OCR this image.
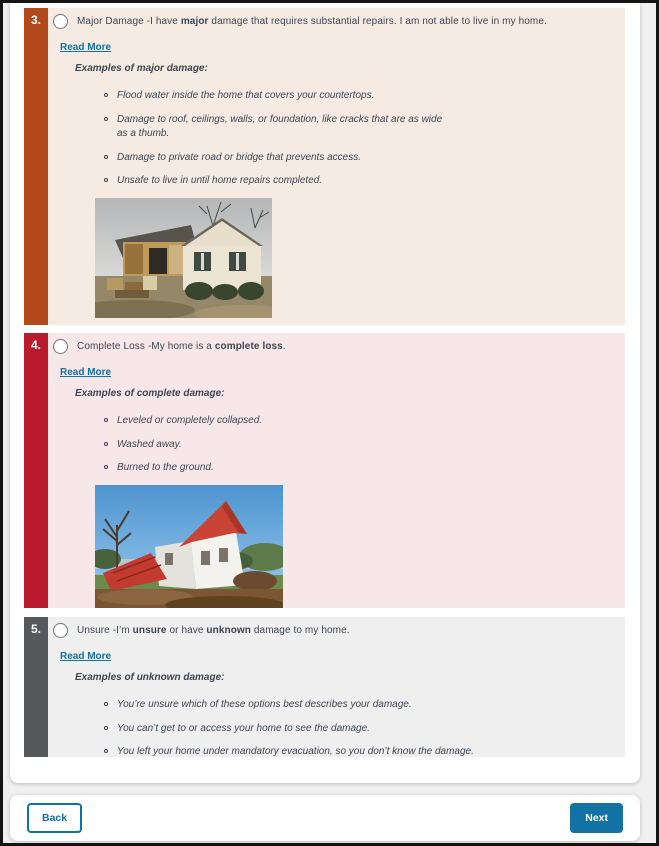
3.	Major Damage -I have major damage that requires substantial repairs. I am not able to live in my home.
Read More
Examples of major damage:
Flood water inside the home that covers your countertops.
Damage to roof, ceilings, walls, or foundation, like cracks that are as wide as a thumb.
Damage to private road or bridge that prevents access.
Unsafe to live in until home repairs completed.
4.	Complete Loss -My home is a complete loss.
Read More
Examples of complete damage:
Leveled or completely collapsed.
Washed away.
Burned to the ground.
5.	Unsure -I’m unsure or have unknown damage to my home.
Read More
Examples of unknown damage:
You’re unsure which of these options best describes your damage.
You can’t get to or access your home to see the damage.
You left your home under mandatory evacuation, so you don’t know the damage.
Back	Next
